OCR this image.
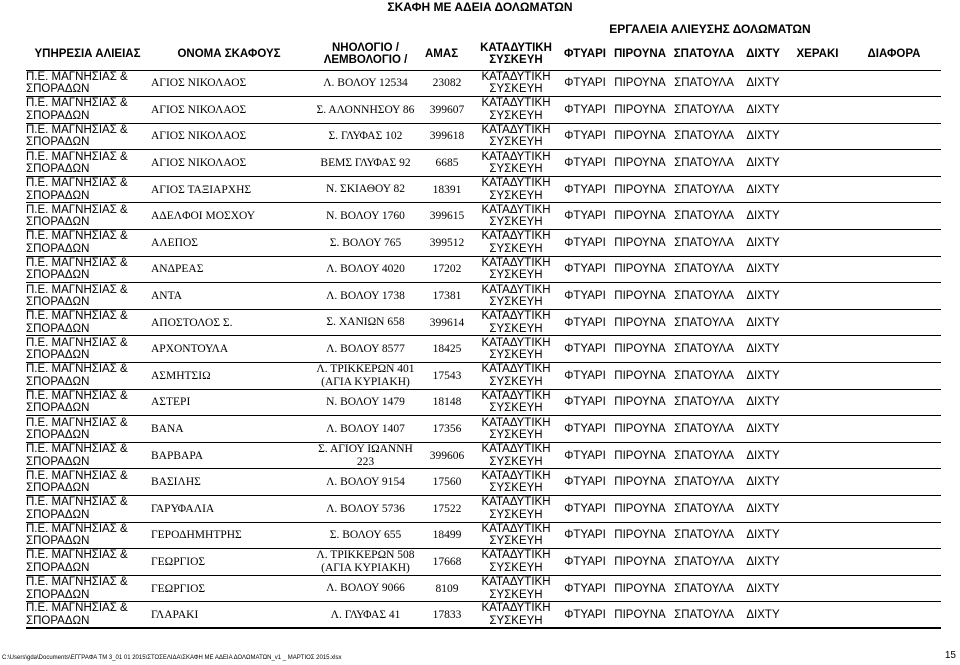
ΣΚΑΦΗ ΜΕ ΑΔΕΙΑ ΔΟΛΩΜΑΤΩΝ
ΕΡΓΑΛΕΙΑ ΑΛΙΕΥΣΗΣ ΔΟΛΩΜΑΤΩΝ
ΥΠΗΡΕΣΙΑ ΑΛΙΕΙΑΣ	ΟΝΟΜΑ ΣΚΑΦΟΥΣ	ΝΗΟΛΟΓΙΟ / ΛΕΜΒΟΛΟΓΙΟ /	ΑΜΑΣ	ΚΑΤΑΔΥΤΙΚΗ ΣΥΣΚΕΥΗ	ΦΤΥΑΡΙ	ΠΙΡΟΥΝΑ	ΣΠΑΤΟΥΛΑ	ΔΙΧΤΥ	ΧΕΡΑΚΙ	ΔΙΑΦΟΡΑ
Π.Ε. ΜΑΓΝΗΣΙΑΣ & ΣΠΟΡΑΔΩΝ	ΑΓΙΟΣ ΝΙΚΟΛΑΟΣ	Λ. ΒΟΛΟΥ 12534	23082	ΚΑΤΑΔΥΤΙΚΗ ΣΥΣΚΕΥΗ	ΦΤΥΑΡΙ	ΠΙΡΟΥΝΑ	ΣΠΑΤΟΥΛΑ	ΔΙΧΤΥ		
Π.Ε. ΜΑΓΝΗΣΙΑΣ & ΣΠΟΡΑΔΩΝ	ΑΓΙΟΣ ΝΙΚΟΛΑΟΣ	Σ. ΑΛΟΝΝΗΣΟΥ 86	399607	ΚΑΤΑΔΥΤΙΚΗ ΣΥΣΚΕΥΗ	ΦΤΥΑΡΙ	ΠΙΡΟΥΝΑ	ΣΠΑΤΟΥΛΑ	ΔΙΧΤΥ		
Π.Ε. ΜΑΓΝΗΣΙΑΣ & ΣΠΟΡΑΔΩΝ	ΑΓΙΟΣ ΝΙΚΟΛΑΟΣ	Σ. ΓΛΥΦΑΣ 102	399618	ΚΑΤΑΔΥΤΙΚΗ ΣΥΣΚΕΥΗ	ΦΤΥΑΡΙ	ΠΙΡΟΥΝΑ	ΣΠΑΤΟΥΛΑ	ΔΙΧΤΥ		
Π.Ε. ΜΑΓΝΗΣΙΑΣ & ΣΠΟΡΑΔΩΝ	ΑΓΙΟΣ ΝΙΚΟΛΑΟΣ	ΒΕΜΣ ΓΛΥΦΑΣ 92	6685	ΚΑΤΑΔΥΤΙΚΗ ΣΥΣΚΕΥΗ	ΦΤΥΑΡΙ	ΠΙΡΟΥΝΑ	ΣΠΑΤΟΥΛΑ	ΔΙΧΤΥ		
Π.Ε. ΜΑΓΝΗΣΙΑΣ & ΣΠΟΡΑΔΩΝ	ΑΓΙΟΣ ΤΑΞΙΑΡΧΗΣ	Ν. ΣΚΙΑΘΟΥ 82	18391	ΚΑΤΑΔΥΤΙΚΗ ΣΥΣΚΕΥΗ	ΦΤΥΑΡΙ	ΠΙΡΟΥΝΑ	ΣΠΑΤΟΥΛΑ	ΔΙΧΤΥ		
Π.Ε. ΜΑΓΝΗΣΙΑΣ & ΣΠΟΡΑΔΩΝ	ΑΔΕΛΦΟΙ ΜΟΣΧΟΥ	Ν. ΒΟΛΟΥ 1760	399615	ΚΑΤΑΔΥΤΙΚΗ ΣΥΣΚΕΥΗ	ΦΤΥΑΡΙ	ΠΙΡΟΥΝΑ	ΣΠΑΤΟΥΛΑ	ΔΙΧΤΥ		
Π.Ε. ΜΑΓΝΗΣΙΑΣ & ΣΠΟΡΑΔΩΝ	ΑΛΕΠΟΣ	Σ. ΒΟΛΟΥ 765	399512	ΚΑΤΑΔΥΤΙΚΗ ΣΥΣΚΕΥΗ	ΦΤΥΑΡΙ	ΠΙΡΟΥΝΑ	ΣΠΑΤΟΥΛΑ	ΔΙΧΤΥ		
Π.Ε. ΜΑΓΝΗΣΙΑΣ & ΣΠΟΡΑΔΩΝ	ΑΝΔΡΕΑΣ	Λ. ΒΟΛΟΥ 4020	17202	ΚΑΤΑΔΥΤΙΚΗ ΣΥΣΚΕΥΗ	ΦΤΥΑΡΙ	ΠΙΡΟΥΝΑ	ΣΠΑΤΟΥΛΑ	ΔΙΧΤΥ		
Π.Ε. ΜΑΓΝΗΣΙΑΣ & ΣΠΟΡΑΔΩΝ	ΑΝΤΑ	Λ. ΒΟΛΟΥ 1738	17381	ΚΑΤΑΔΥΤΙΚΗ ΣΥΣΚΕΥΗ	ΦΤΥΑΡΙ	ΠΙΡΟΥΝΑ	ΣΠΑΤΟΥΛΑ	ΔΙΧΤΥ		
Π.Ε. ΜΑΓΝΗΣΙΑΣ & ΣΠΟΡΑΔΩΝ	ΑΠΟΣΤΟΛΟΣ Σ.	Σ. ΧΑΝΙΩΝ 658	399614	ΚΑΤΑΔΥΤΙΚΗ ΣΥΣΚΕΥΗ	ΦΤΥΑΡΙ	ΠΙΡΟΥΝΑ	ΣΠΑΤΟΥΛΑ	ΔΙΧΤΥ		
Π.Ε. ΜΑΓΝΗΣΙΑΣ & ΣΠΟΡΑΔΩΝ	ΑΡΧΟΝΤΟΥΛΑ	Λ. ΒΟΛΟΥ 8577	18425	ΚΑΤΑΔΥΤΙΚΗ ΣΥΣΚΕΥΗ	ΦΤΥΑΡΙ	ΠΙΡΟΥΝΑ	ΣΠΑΤΟΥΛΑ	ΔΙΧΤΥ		
Π.Ε. ΜΑΓΝΗΣΙΑΣ & ΣΠΟΡΑΔΩΝ	ΑΣΜΗΤΣΙΩ	Λ. ΤΡΙΚΚΕΡΩΝ 401 (ΑΓΙΑ ΚΥΡΙΑΚΗ)	17543	ΚΑΤΑΔΥΤΙΚΗ ΣΥΣΚΕΥΗ	ΦΤΥΑΡΙ	ΠΙΡΟΥΝΑ	ΣΠΑΤΟΥΛΑ	ΔΙΧΤΥ		
Π.Ε. ΜΑΓΝΗΣΙΑΣ & ΣΠΟΡΑΔΩΝ	ΑΣΤΕΡΙ	Ν. ΒΟΛΟΥ 1479	18148	ΚΑΤΑΔΥΤΙΚΗ ΣΥΣΚΕΥΗ	ΦΤΥΑΡΙ	ΠΙΡΟΥΝΑ	ΣΠΑΤΟΥΛΑ	ΔΙΧΤΥ		
Π.Ε. ΜΑΓΝΗΣΙΑΣ & ΣΠΟΡΑΔΩΝ	ΒΑΝΑ	Λ. ΒΟΛΟΥ 1407	17356	ΚΑΤΑΔΥΤΙΚΗ ΣΥΣΚΕΥΗ	ΦΤΥΑΡΙ	ΠΙΡΟΥΝΑ	ΣΠΑΤΟΥΛΑ	ΔΙΧΤΥ		
Π.Ε. ΜΑΓΝΗΣΙΑΣ & ΣΠΟΡΑΔΩΝ	ΒΑΡΒΑΡΑ	Σ. ΑΓΙΟΥ ΙΩΑΝΝΗ 223	399606	ΚΑΤΑΔΥΤΙΚΗ ΣΥΣΚΕΥΗ	ΦΤΥΑΡΙ	ΠΙΡΟΥΝΑ	ΣΠΑΤΟΥΛΑ	ΔΙΧΤΥ		
Π.Ε. ΜΑΓΝΗΣΙΑΣ & ΣΠΟΡΑΔΩΝ	ΒΑΣΙΛΗΣ	Λ. ΒΟΛΟΥ 9154	17560	ΚΑΤΑΔΥΤΙΚΗ ΣΥΣΚΕΥΗ	ΦΤΥΑΡΙ	ΠΙΡΟΥΝΑ	ΣΠΑΤΟΥΛΑ	ΔΙΧΤΥ		
Π.Ε. ΜΑΓΝΗΣΙΑΣ & ΣΠΟΡΑΔΩΝ	ΓΑΡΥΦΑΛΙΑ	Λ. ΒΟΛΟΥ 5736	17522	ΚΑΤΑΔΥΤΙΚΗ ΣΥΣΚΕΥΗ	ΦΤΥΑΡΙ	ΠΙΡΟΥΝΑ	ΣΠΑΤΟΥΛΑ	ΔΙΧΤΥ		
Π.Ε. ΜΑΓΝΗΣΙΑΣ & ΣΠΟΡΑΔΩΝ	ΓΕΡΟΔΗΜΗΤΡΗΣ	Σ. ΒΟΛΟΥ 655	18499	ΚΑΤΑΔΥΤΙΚΗ ΣΥΣΚΕΥΗ	ΦΤΥΑΡΙ	ΠΙΡΟΥΝΑ	ΣΠΑΤΟΥΛΑ	ΔΙΧΤΥ		
Π.Ε. ΜΑΓΝΗΣΙΑΣ & ΣΠΟΡΑΔΩΝ	ΓΕΩΡΓΙΟΣ	Λ. ΤΡΙΚΚΕΡΩΝ 508 (ΑΓΙΑ ΚΥΡΙΑΚΗ)	17668	ΚΑΤΑΔΥΤΙΚΗ ΣΥΣΚΕΥΗ	ΦΤΥΑΡΙ	ΠΙΡΟΥΝΑ	ΣΠΑΤΟΥΛΑ	ΔΙΧΤΥ		
Π.Ε. ΜΑΓΝΗΣΙΑΣ & ΣΠΟΡΑΔΩΝ	ΓΕΩΡΓΙΟΣ	Λ. ΒΟΛΟΥ 9066	8109	ΚΑΤΑΔΥΤΙΚΗ ΣΥΣΚΕΥΗ	ΦΤΥΑΡΙ	ΠΙΡΟΥΝΑ	ΣΠΑΤΟΥΛΑ	ΔΙΧΤΥ		
Π.Ε. ΜΑΓΝΗΣΙΑΣ & ΣΠΟΡΑΔΩΝ	ΓΛΑΡΑΚΙ	Λ. ΓΛΥΦΑΣ 41	17833	ΚΑΤΑΔΥΤΙΚΗ ΣΥΣΚΕΥΗ	ΦΤΥΑΡΙ	ΠΙΡΟΥΝΑ	ΣΠΑΤΟΥΛΑ	ΔΙΧΤΥ		
C:\Users\gda\Documents\ΕΓΓΡΑΦΑ ΤΜ 3_01 01 2015\ΣΤΟΣΕΛΙΔΑ\ΣΚΑΦΗ ΜΕ ΑΔΕΙΑ ΔΟΛΩΜΑΤΩΝ_v1 _ ΜΑΡΤΙΟΣ 2015.xlsx	15
